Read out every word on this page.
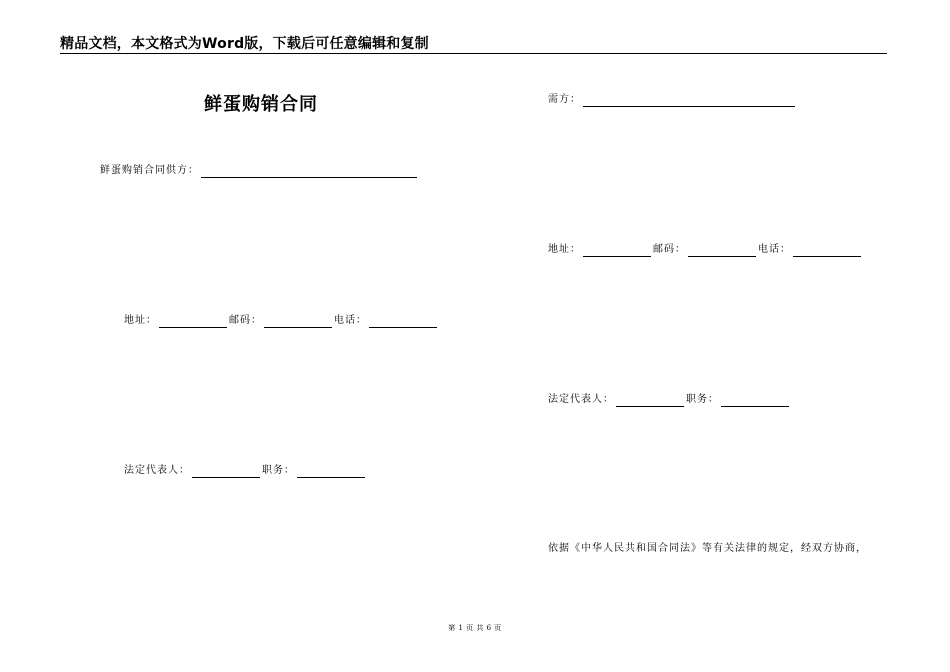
精品文档，本文格式为Word版，下载后可任意编辑和复制
鲜蛋购销合同
鲜蛋购销合同供方：
地址：	邮码：	电话：
法定代表人：	职务：
需方：
地址：	邮码：	电话：
法定代表人：	职务：
依据《中华人民共和国合同法》等有关法律的规定，经双方协商，
第 1 页 共 6 页
